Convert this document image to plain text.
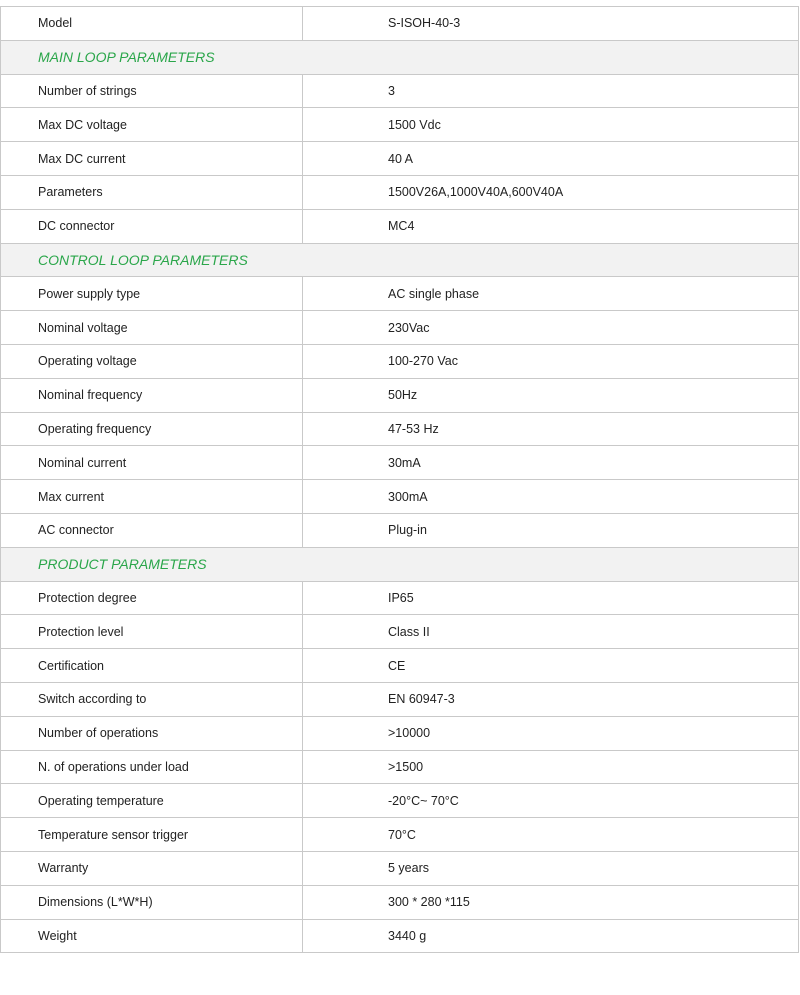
Model	S-ISOH-40-3
MAIN LOOP PARAMETERS	
Number of strings	3
Max DC voltage	1500 Vdc
Max DC current	40 A
Parameters	1500V26A,1000V40A,600V40A
DC connector	MC4
CONTROL LOOP PARAMETERS	
Power supply type	AC single phase
Nominal voltage	230Vac
Operating voltage	100-270 Vac
Nominal frequency	50Hz
Operating frequency	47-53 Hz
Nominal current	30mA
Max current	300mA
AC connector	Plug-in
PRODUCT PARAMETERS	
Protection degree	IP65
Protection level	Class II
Certification	CE
Switch according to	EN 60947-3
Number of operations	>10000
N. of operations under load	>1500
Operating temperature	-20°C~ 70°C
Temperature sensor trigger	70°C
Warranty	5 years
Dimensions (L*W*H)	300 * 280 *115
Weight	3440 g
